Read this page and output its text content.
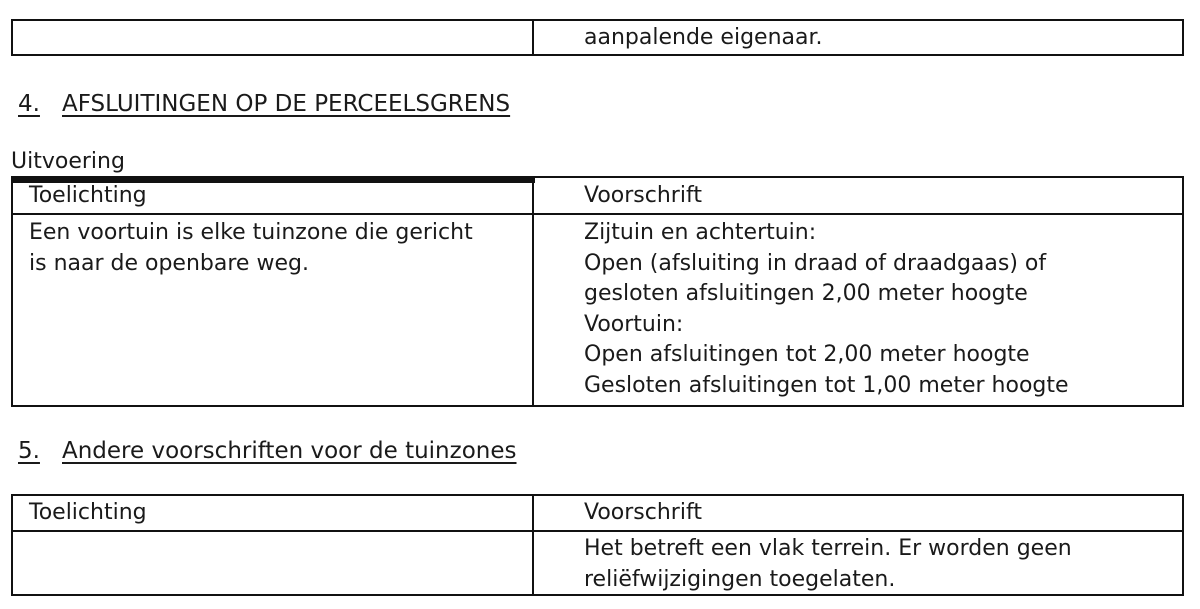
aanpalende eigenaar.
4. AFSLUITINGEN OP DE PERCEELSGRENS
Uitvoering
Toelichting	Voorschrift
Een voortuin is elke tuinzone die gericht
is naar de openbare weg.
Zijtuin en achtertuin:
Open (afsluiting in draad of draadgaas) of
gesloten afsluitingen 2,00 meter hoogte
Voortuin:
Open afsluitingen tot 2,00 meter hoogte
Gesloten afsluitingen tot 1,00 meter hoogte
5. Andere voorschriften voor de tuinzones
Toelichting	Voorschrift
Het betreft een vlak terrein. Er worden geen
reliëfwijzigingen toegelaten.
